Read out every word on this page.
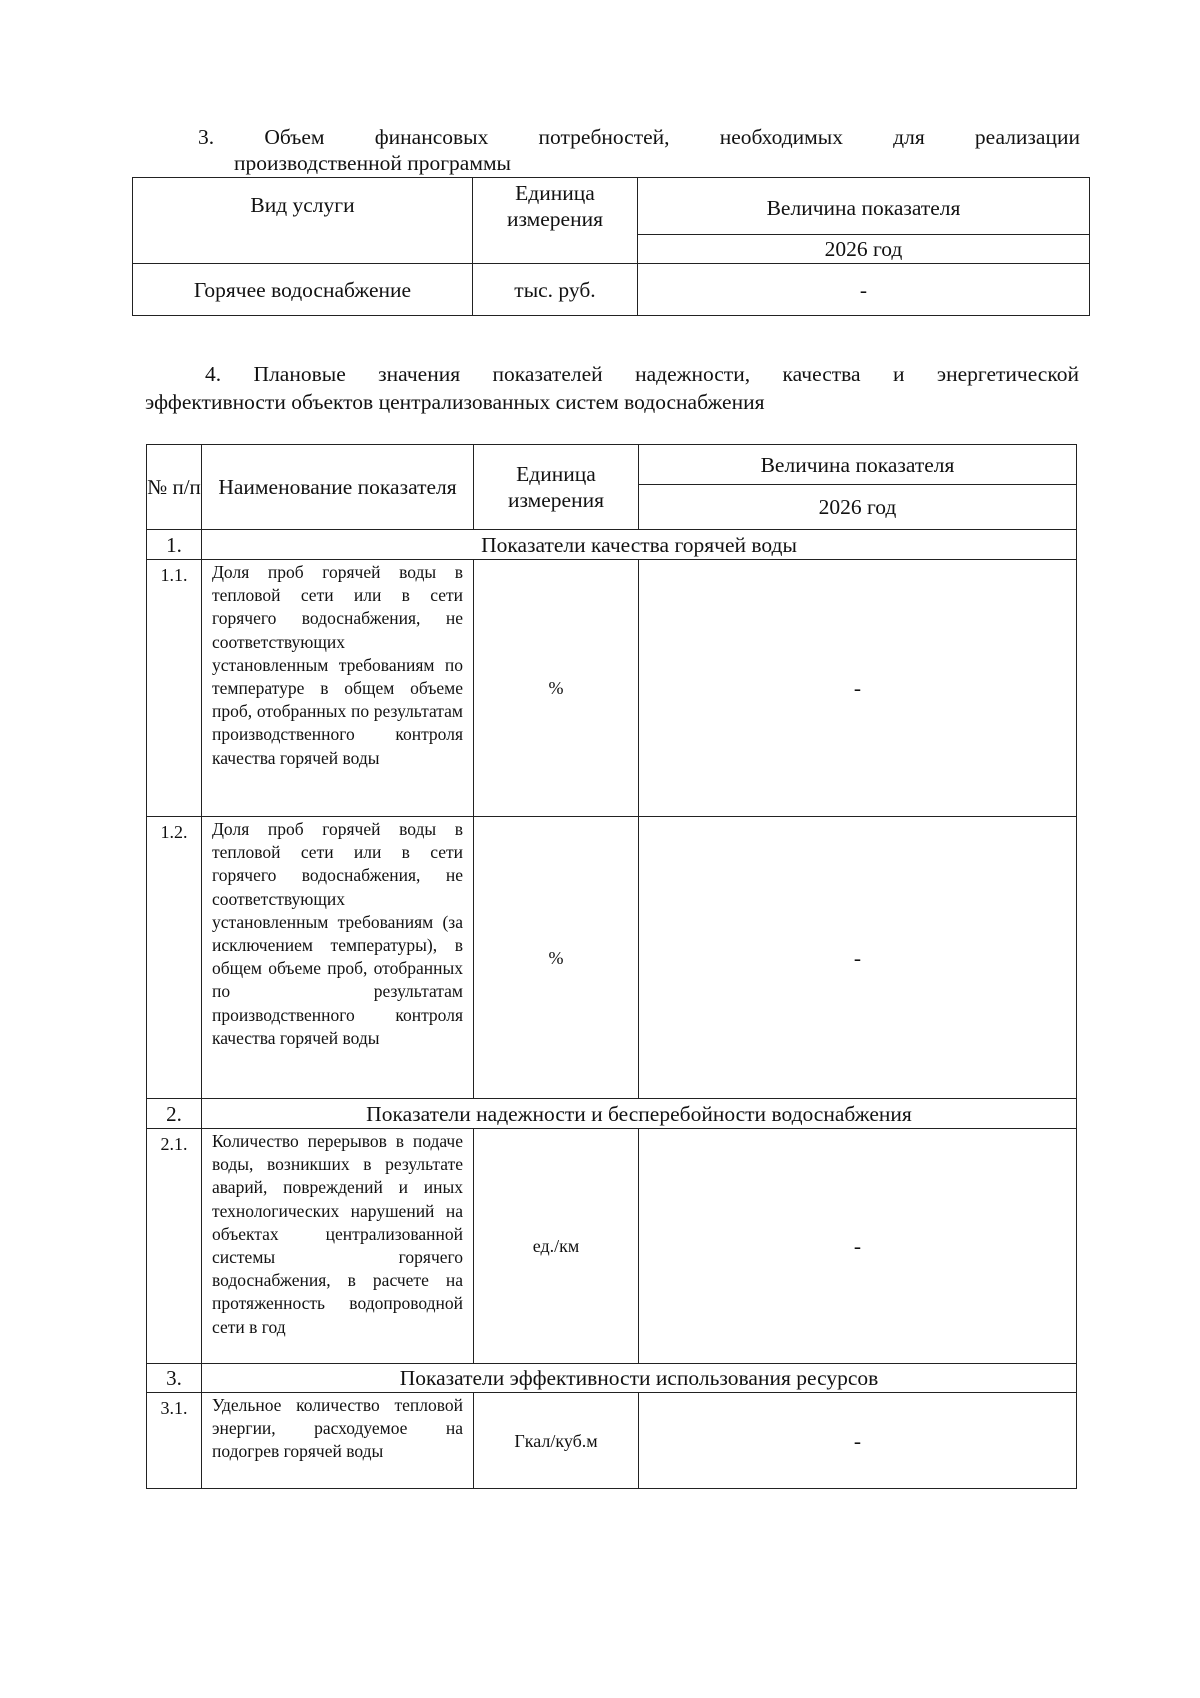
3. Объем финансовых потребностей, необходимых для реализации
производственной программы
Вид услуги	Единица измерения	Величина показателя
		2026 год
Горячее водоснабжение	тыс. руб.	-
4. Плановые значения показателей надежности, качества и энергетической
эффективности объектов централизованных систем водоснабжения
№ п/п	Наименование показателя	Единица измерения	Величина показателя
			2026 год
1.	Показатели качества горячей воды		
1.1.	Доля проб горячей воды в тепловой сети или в сети горячего водоснабжения, не соответствующих установленным требованиям по температуре в общем объеме проб, отобранных по результатам производственного контроля качества горячей воды	%	-
1.2.	Доля проб горячей воды в тепловой сети или в сети горячего водоснабжения, не соответствующих установленным требованиям (за исключением температуры), в общем объеме проб, отобранных по результатам производственного контроля качества горячей воды	%	-
2.	Показатели надежности и бесперебойности водоснабжения		
2.1.	Количество перерывов в подаче воды, возникших в результате аварий, повреждений и иных технологических нарушений на объектах централизованной системы горячего водоснабжения, в расчете на протяженность водопроводной сети в год	ед./км	-
3.	Показатели эффективности использования ресурсов		
3.1.	Удельное количество тепловой энергии, расходуемое на подогрев горячей воды	Гкал/куб.м	-
